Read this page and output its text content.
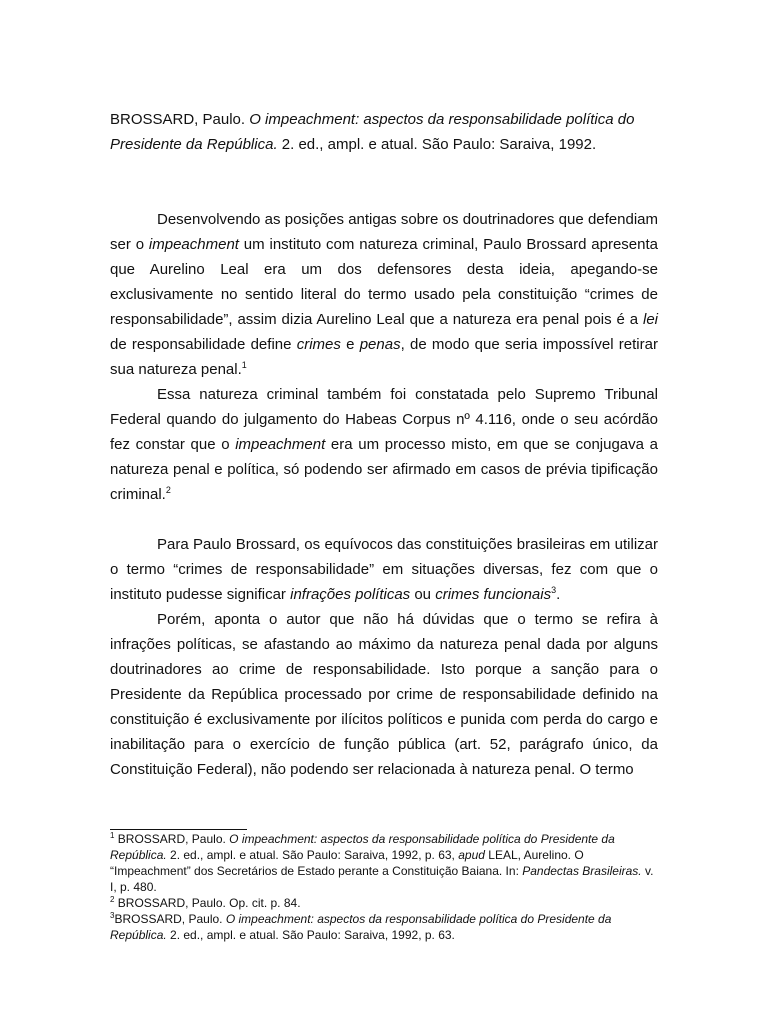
BROSSARD, Paulo. O impeachment: aspectos da responsabilidade política do Presidente da República. 2. ed., ampl. e atual. São Paulo: Saraiva, 1992.

Desenvolvendo as posições antigas sobre os doutrinadores que defendiam ser o impeachment um instituto com natureza criminal, Paulo Brossard apresenta que Aurelino Leal era um dos defensores desta ideia, apegando-se exclusivamente no sentido literal do termo usado pela constituição “crimes de responsabilidade”, assim dizia Aurelino Leal que a natureza era penal pois é a lei de responsabilidade define crimes e penas, de modo que seria impossível retirar sua natureza penal.$^1$

Essa natureza criminal também foi constatada pelo Supremo Tribunal Federal quando do julgamento do Habeas Corpus nº 4.116, onde o seu acórdão fez constar que o impeachment era um processo misto, em que se conjugava a natureza penal e política, só podendo ser afirmado em casos de prévia tipificação criminal.$^2$

Para Paulo Brossard, os equívocos das constituições brasileiras em utilizar o termo “crimes de responsabilidade” em situações diversas, fez com que o instituto pudesse significar infrações políticas ou crimes funcionais$^3$.

Porém, aponta o autor que não há dúvidas que o termo se refira à infrações políticas, se afastando ao máximo da natureza penal dada por alguns doutrinadores ao crime de responsabilidade. Isto porque a sanção para o Presidente da República processado por crime de responsabilidade definido na constituição é exclusivamente por ilícitos políticos e punida com perda do cargo e inabilitação para o exercício de função pública (art. 52, parágrafo único, da Constituição Federal), não podendo ser relacionada à natureza penal. O termo

$^1$ BROSSARD, Paulo. O impeachment: aspectos da responsabilidade política do Presidente da República. 2. ed., ampl. e atual. São Paulo: Saraiva, 1992, p. 63, apud LEAL, Aurelino. O “Impeachment” dos Secretários de Estado perante a Constituição Baiana. In: Pandectas Brasileiras. v. I, p. 480.

$^2$ BROSSARD, Paulo. Op. cit. p. 84.

$^3$BROSSARD, Paulo. O impeachment: aspectos da responsabilidade política do Presidente da República. 2. ed., ampl. e atual. São Paulo: Saraiva, 1992, p. 63.
